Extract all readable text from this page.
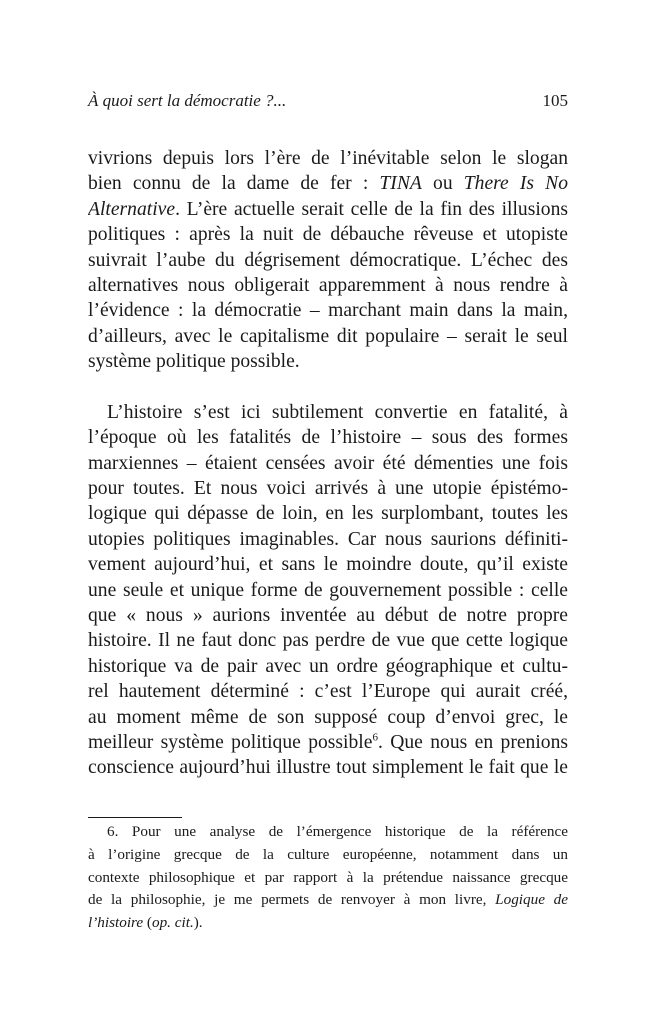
À quoi sert la démocratie ?...	105
vivrions depuis lors l’ère de l’inévitable selon le slogan
bien connu de la dame de fer : TINA ou There Is No
Alternative. L’ère actuelle serait celle de la fin des illusions
politiques : après la nuit de débauche rêveuse et utopiste
suivrait l’aube du dégrisement démocratique. L’échec des
alternatives nous obligerait apparemment à nous rendre à
l’évidence : la démocratie – marchant main dans la main,
d’ailleurs, avec le capitalisme dit populaire – serait le seul
système politique possible.
L’histoire s’est ici subtilement convertie en fatalité, à
l’époque où les fatalités de l’histoire – sous des formes
marxiennes – étaient censées avoir été démenties une fois
pour toutes. Et nous voici arrivés à une utopie épistémo-
logique qui dépasse de loin, en les surplombant, toutes les
utopies politiques imaginables. Car nous saurions définiti-
vement aujourd’hui, et sans le moindre doute, qu’il existe
une seule et unique forme de gouvernement possible : celle
que « nous » aurions inventée au début de notre propre
histoire. Il ne faut donc pas perdre de vue que cette logique
historique va de pair avec un ordre géographique et cultu-
rel hautement déterminé : c’est l’Europe qui aurait créé,
au moment même de son supposé coup d’envoi grec, le
meilleur système politique possible$^6$. Que nous en prenions
conscience aujourd’hui illustre tout simplement le fait que le
6. Pour une analyse de l’émergence historique de la référence
à l’origine grecque de la culture européenne, notamment dans un
contexte philosophique et par rapport à la prétendue naissance grecque
de la philosophie, je me permets de renvoyer à mon livre, Logique de
l’histoire (op. cit.).
